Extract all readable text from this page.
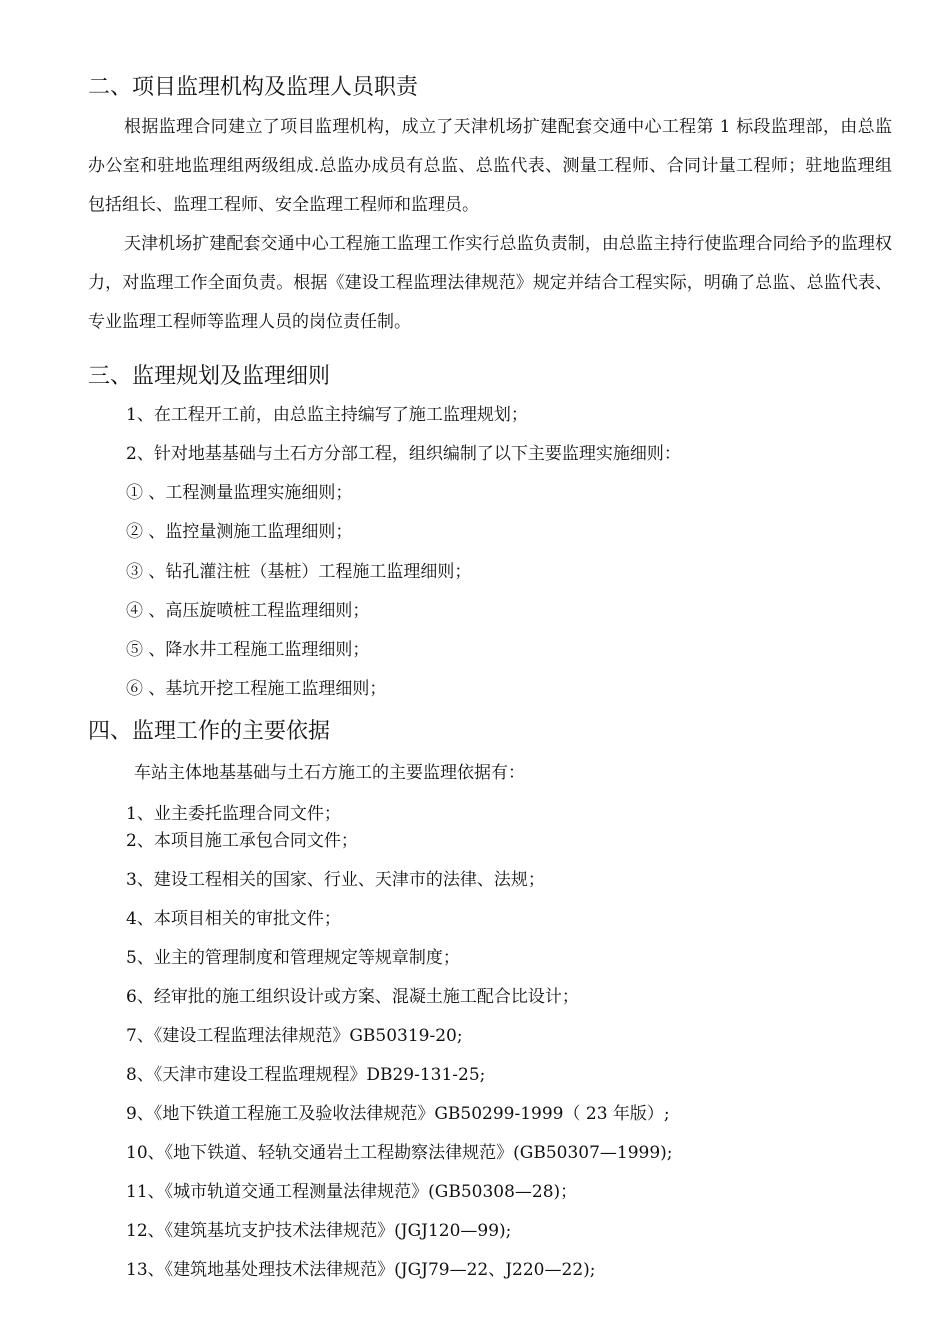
二、项目监理机构及监理人员职责
根据监理合同建立了项目监理机构，成立了天津机场扩建配套交通中心工程第 1 标段监理部，由总监办公室和驻地监理组两级组成.总监办成员有总监、总监代表、测量工程师、合同计量工程师；驻地监理组包括组长、监理工程师、安全监理工程师和监理员。
天津机场扩建配套交通中心工程施工监理工作实行总监负责制，由总监主持行使监理合同给予的监理权力，对监理工作全面负责。根据《建设工程监理法律规范》规定并结合工程实际，明确了总监、总监代表、专业监理工程师等监理人员的岗位责任制。
三、监理规划及监理细则
1、在工程开工前，由总监主持编写了施工监理规划；
2、针对地基基础与土石方分部工程，组织编制了以下主要监理实施细则：
① 、工程测量监理实施细则；
② 、监控量测施工监理细则；
③ 、钻孔灌注桩（基桩）工程施工监理细则；
④ 、高压旋喷桩工程监理细则；
⑤ 、降水井工程施工监理细则；
⑥ 、基坑开挖工程施工监理细则；
四、监理工作的主要依据
车站主体地基基础与土石方施工的主要监理依据有：
1、业主委托监理合同文件；
2、本项目施工承包合同文件；
3、建设工程相关的国家、行业、天津市的法律、法规；
4、本项目相关的审批文件；
5、业主的管理制度和管理规定等规章制度；
6、经审批的施工组织设计或方案、混凝土施工配合比设计；
7、《建设工程监理法律规范》GB50319-20;
8、《天津市建设工程监理规程》DB29-131-25;
9、《地下铁道工程施工及验收法律规范》GB50299-1999（ 23 年版）;
10、《地下铁道、轻轨交通岩土工程勘察法律规范》(GB50307—1999);
11、《城市轨道交通工程测量法律规范》(GB50308—28)；
12、《建筑基坑支护技术法律规范》(JGJ120—99);
13、《建筑地基处理技术法律规范》(JGJ79—22、J220—22);
